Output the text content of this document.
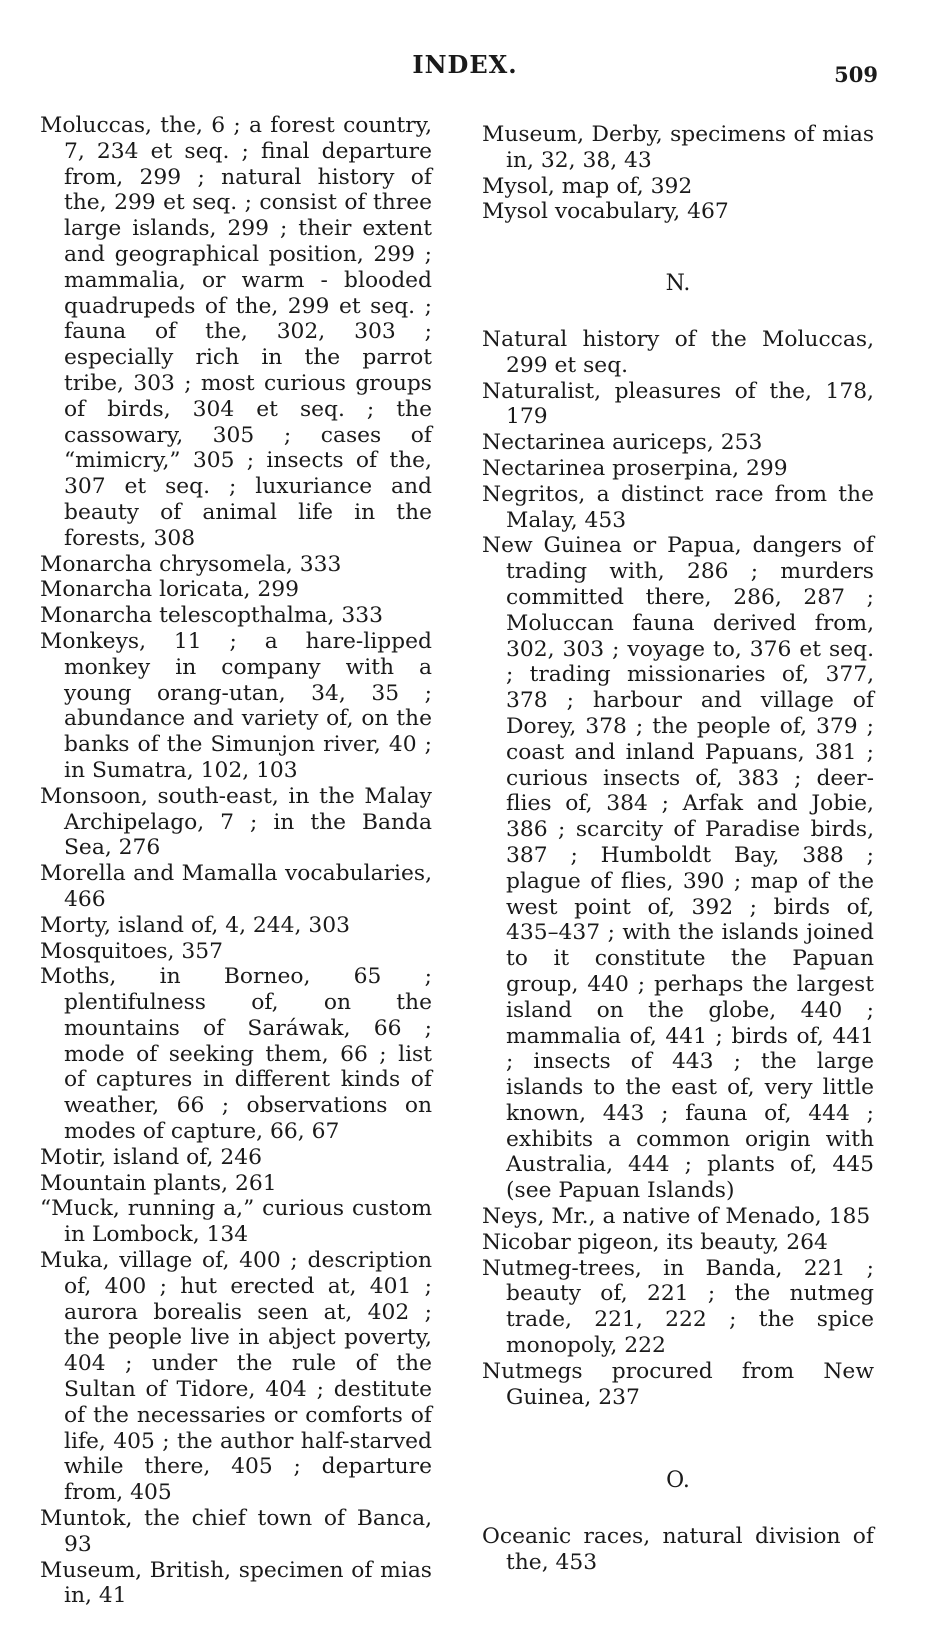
INDEX.	509

Moluccas, the, 6 ; a forest country, 7, 234 et seq. ; final departure from, 299 ; natural history of the, 299 et seq. ; consist of three large islands, 299 ; their extent and geographical position, 299 ; mammalia, or warm - blooded quadrupeds of the, 299 et seq. ; fauna of the, 302, 303 ; especially rich in the parrot tribe, 303 ; most curious groups of birds, 304 et seq. ; the cassowary, 305 ; cases of “mimicry,” 305 ; insects of the, 307 et seq. ; luxuriance and beauty of animal life in the forests, 308

Monarcha chrysomela, 333

Monarcha loricata, 299

Monarcha telescopthalma, 333

Monkeys, 11 ; a hare-lipped monkey in company with a young orang-utan, 34, 35 ; abundance and variety of, on the banks of the Simunjon river, 40 ; in Sumatra, 102, 103

Monsoon, south-east, in the Malay Archipelago, 7 ; in the Banda Sea, 276

Morella and Mamalla vocabularies, 466

Morty, island of, 4, 244, 303

Mosquitoes, 357

Moths, in Borneo, 65 ; plentifulness of, on the mountains of Saráwak, 66 ; mode of seeking them, 66 ; list of captures in different kinds of weather, 66 ; observations on modes of capture, 66, 67

Motir, island of, 246

Mountain plants, 261

“Muck, running a,” curious custom in Lombock, 134

Muka, village of, 400 ; description of, 400 ; hut erected at, 401 ; aurora borealis seen at, 402 ; the people live in abject poverty, 404 ; under the rule of the Sultan of Tidore, 404 ; destitute of the necessaries or comforts of life, 405 ; the author half-starved while there, 405 ; departure from, 405

Muntok, the chief town of Banca, 93

Museum, British, specimen of mias in, 41

Museum, Derby, specimens of mias in, 32, 38, 43

Mysol, map of, 392

Mysol vocabulary, 467

N.

Natural history of the Moluccas, 299 et seq.

Naturalist, pleasures of the, 178, 179

Nectarinea auriceps, 253

Nectarinea proserpina, 299

Negritos, a distinct race from the Malay, 453

New Guinea or Papua, dangers of trading with, 286 ; murders committed there, 286, 287 ; Moluccan fauna derived from, 302, 303 ; voyage to, 376 et seq. ; trading missionaries of, 377, 378 ; harbour and village of Dorey, 378 ; the people of, 379 ; coast and inland Papuans, 381 ; curious insects of, 383 ; deer-flies of, 384 ; Arfak and Jobie, 386 ; scarcity of Paradise birds, 387 ; Humboldt Bay, 388 ; plague of flies, 390 ; map of the west point of, 392 ; birds of, 435–437 ; with the islands joined to it constitute the Papuan group, 440 ; perhaps the largest island on the globe, 440 ; mammalia of, 441 ; birds of, 441 ; insects of 443 ; the large islands to the east of, very little known, 443 ; fauna of, 444 ; exhibits a common origin with Australia, 444 ; plants of, 445 (see Papuan Islands)

Neys, Mr., a native of Menado, 185

Nicobar pigeon, its beauty, 264

Nutmeg-trees, in Banda, 221 ; beauty of, 221 ; the nutmeg trade, 221, 222 ; the spice monopoly, 222

Nutmegs procured from New Guinea, 237

O.

Oceanic races, natural division of the, 453
